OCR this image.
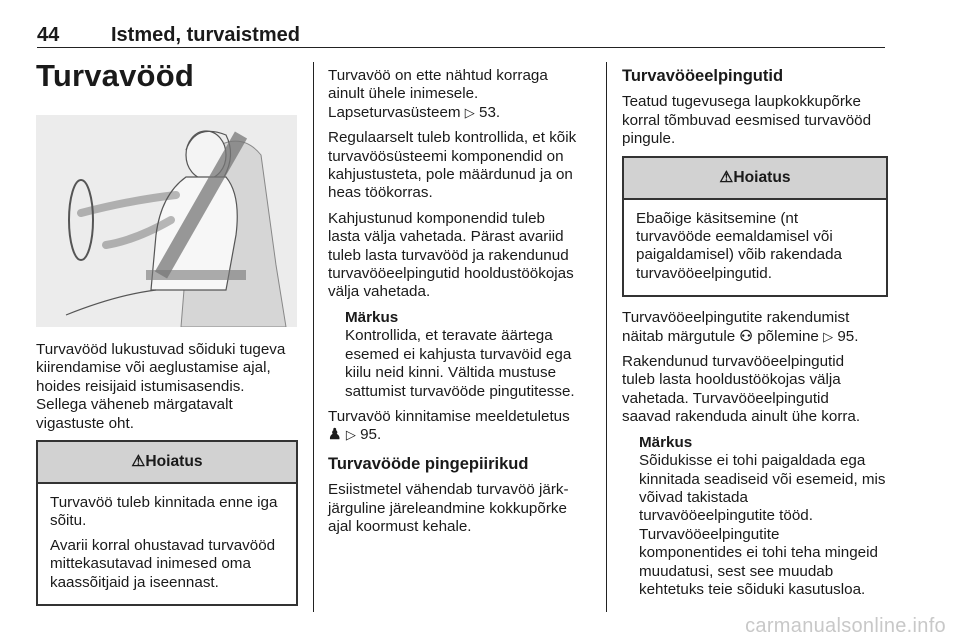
44	Istmed, turvaistmed
Turvavööd

Turvavööd lukustuvad sõiduki tugeva
kiirendamise või aeglustamise ajal,
hoides reisijaid istumisasendis.
Sellega väheneb märgatavalt
vigastuste oht.

⚠Hoiatus

Turvavöö tuleb kinnitada enne iga
sõitu.

Avarii korral ohustavad turvavööd
mittekasutavad inimesed oma
kaassõitjaid ja iseennast.

Turvavöö on ette nähtud korraga
ainult ühele inimesele.

Lapseturvasüsteem ▷ 53.

Regulaarselt tuleb kontrollida, et kõik
turvavöösüsteemi komponendid on
kahjustusteta, pole määrdunud ja on
heas töökorras.

Kahjustunud komponendid tuleb
lasta välja vahetada. Pärast avariid
tuleb lasta turvavööd ja rakendunud
turvavööeelpingutid hooldustöökojas
välja vahetada.

Märkus
Kontrollida, et teravate äärtega
esemed ei kahjusta turvavöid ega
kiilu neid kinni. Vältida mustuse
sattumist turvavööde pingutitesse.

Turvavöö kinnitamise meeldetuletus
♟ ▷ 95.

Turvavööde pingepiirikud

Esiistmetel vähendab turvavöö järk-
järguline järeleandmine kokkupõrke
ajal koormust kehale.

Turvavööeelpingutid

Teatud tugevusega laupkokkupõrke
korral tõmbuvad eesmised turvavööd
pingule.

⚠Hoiatus

Ebaõige käsitsemine (nt
turvavööde eemaldamisel või
paigaldamisel) võib rakendada
turvavööeelpingutid.

Turvavööeelpingutite rakendumist
näitab märgutule ⚇ põlemine ▷ 95.

Rakendunud turvavööeelpingutid
tuleb lasta hooldustöökojas välja
vahetada. Turvavööeelpingutid
saavad rakenduda ainult ühe korra.

Märkus
Sõidukisse ei tohi paigaldada ega
kinnitada seadiseid või esemeid, mis
võivad takistada
turvavööeelpingutite tööd.
Turvavööeelpingutite
komponentides ei tohi teha mingeid
muudatusi, sest see muudab
kehtetuks teie sõiduki kasutusloa.
carmanualsonline.info
